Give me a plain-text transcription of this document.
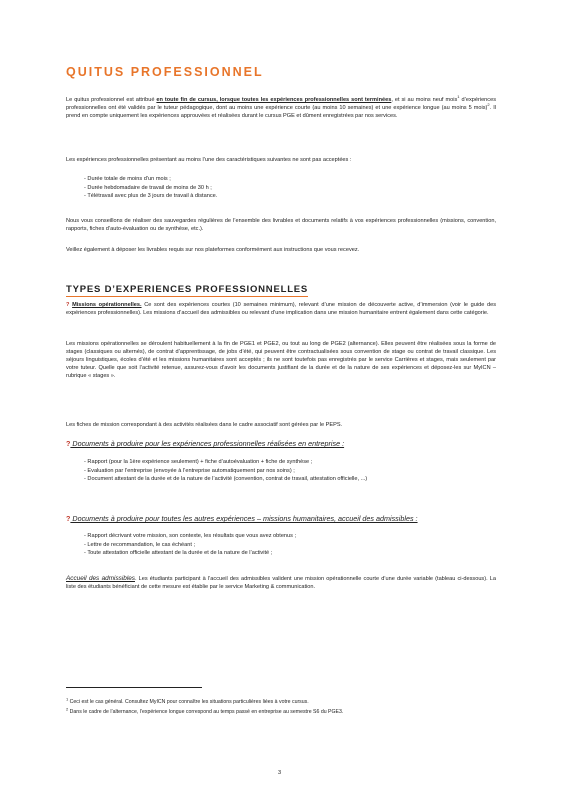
QUITUS PROFESSIONNEL
Le quitus professionnel est attribué en toute fin de cursus, lorsque toutes les expériences professionnelles sont terminées, et si au moins neuf mois$^1$ d’expériences professionnelles ont été validés par le tuteur pédagogique, dont au moins une expérience courte (au moins 10 semaines) et une expérience longue (au moins 5 mois)$^2$. Il prend en compte uniquement les expériences approuvées et réalisées durant le cursus PGE et dûment enregistrées par nos services.
Les expériences professionnelles présentant au moins l’une des caractéristiques suivantes ne sont pas acceptées :
- Durée totale de moins d’un mois ;
- Durée hebdomadaire de travail de moins de 30 h ;
- Télétravail avec plus de 3 jours de travail à distance.
Nous vous conseillons de réaliser des sauvegardes régulières de l’ensemble des livrables et documents relatifs à vos expériences professionnelles (missions, convention, rapports, fiches d’auto-évaluation ou de synthèse, etc.).
Veillez également à déposer les livrables requis sur nos plateformes conformément aux instructions que vous recevez.
TYPES D’EXPERIENCES PROFESSIONNELLES
? Missions opérationnelles. Ce sont des expériences courtes (10 semaines minimum), relevant d’une mission de découverte active, d’immersion (voir le guide des expériences professionnelles). Les missions d’accueil des admissibles ou relevant d’une implication dans une mission humanitaire entrent également dans cette catégorie.
Les missions opérationnelles se déroulent habituellement à la fin de PGE1 et PGE2, ou tout au long de PGE2 (alternance). Elles peuvent être réalisées sous la forme de stages (classiques ou alternés), de contrat d’apprentissage, de jobs d’été, qui peuvent être contractualisées sous convention de stage ou contrat de travail classique. Les séjours linguistiques, écoles d’été et les missions humanitaires sont acceptés ; ils ne sont toutefois pas enregistrés par le service Carrières et stages, mais seulement par votre tuteur. Quelle que soit l’activité retenue, assurez-vous d’avoir les documents justifiant de la durée et de la nature de ses expériences et déposez-les sur MyICN – rubrique « stages ».
Les fiches de mission correspondant à des activités réalisées dans le cadre associatif sont gérées par le PEPS.
? Documents à produire pour les expériences professionnelles réalisées en entreprise :
- Rapport (pour la 1ère expérience seulement) + fiche d’autoévaluation + fiche de synthèse ;
- Evaluation par l’entreprise (envoyée à l’entreprise automatiquement par nos soins) ;
- Document attestant de la durée et de la nature de l’activité (convention, contrat de travail, attestation officielle, ...)
? Documents à produire pour toutes les autres expériences – missions humanitaires, accueil des admissibles :
- Rapport décrivant votre mission, son contexte, les résultats que vous avez obtenus ;
- Lettre de recommandation, le cas échéant ;
- Toute attestation officielle attestant de la durée et de la nature de l’activité ;
Accueil des admissibles. Les étudiants participant à l’accueil des admissibles valident une mission opérationnelle courte d’une durée variable (tableau ci-dessous). La liste des étudiants bénéficiant de cette mesure est établie par le service Marketing & communication.
$^1$ Ceci est le cas général. Consultez MyICN pour connaître les situations particulières liées à votre cursus.
$^2$ Dans le cadre de l’alternance, l’expérience longue correspond au temps passé en entreprise au semestre S6 du PGE3.
3
